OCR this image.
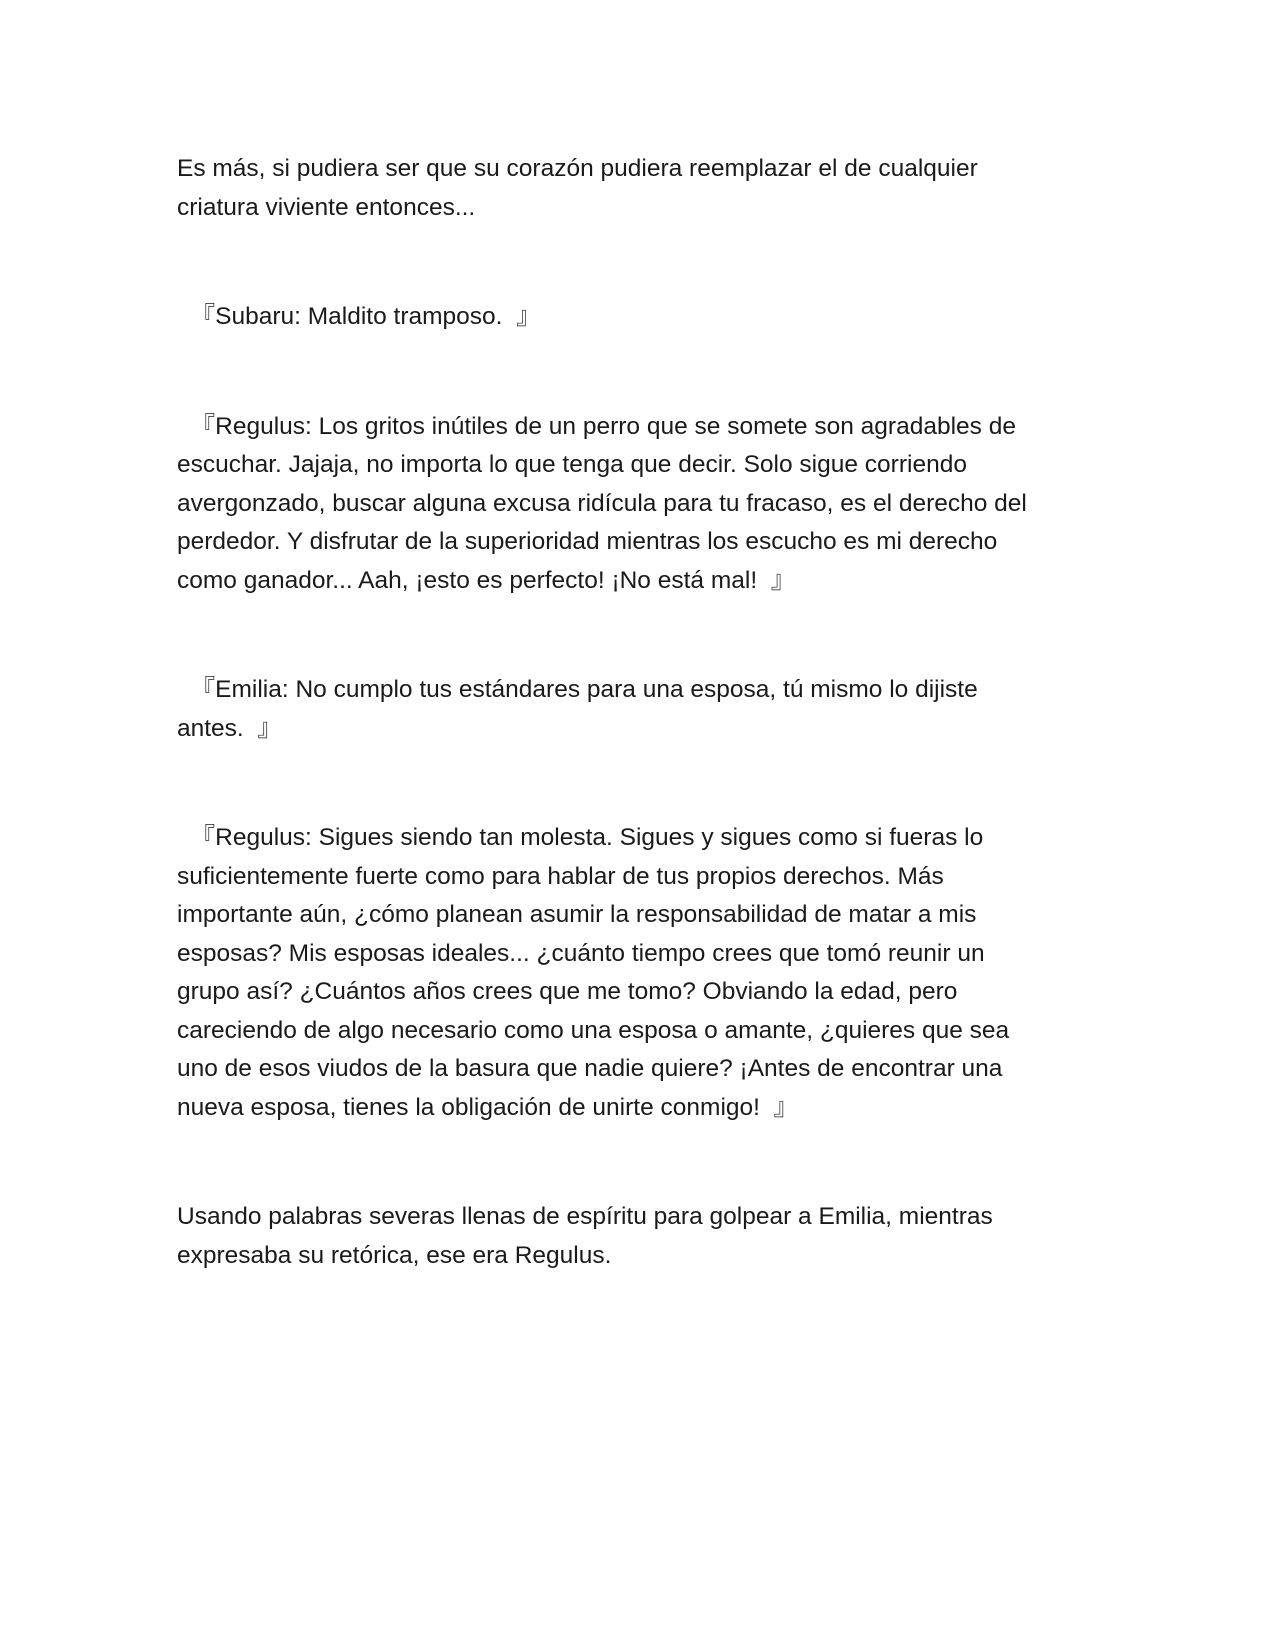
Es más, si pudiera ser que su corazón pudiera reemplazar el de cualquier
criatura viviente entonces...

『Subaru: Maldito tramposo.  』

『Regulus: Los gritos inútiles de un perro que se somete son agradables de
escuchar. Jajaja, no importa lo que tenga que decir. Solo sigue corriendo
avergonzado, buscar alguna excusa ridícula para tu fracaso, es el derecho del
perdedor. Y disfrutar de la superioridad mientras los escucho es mi derecho
como ganador... Aah, ¡esto es perfecto! ¡No está mal!  』

『Emilia: No cumplo tus estándares para una esposa, tú mismo lo dijiste
antes.  』

『Regulus: Sigues siendo tan molesta. Sigues y sigues como si fueras lo
suficientemente fuerte como para hablar de tus propios derechos. Más
importante aún, ¿cómo planean asumir la responsabilidad de matar a mis
esposas? Mis esposas ideales... ¿cuánto tiempo crees que tomó reunir un
grupo así? ¿Cuántos años crees que me tomo? Obviando la edad, pero
careciendo de algo necesario como una esposa o amante, ¿quieres que sea
uno de esos viudos de la basura que nadie quiere? ¡Antes de encontrar una
nueva esposa, tienes la obligación de unirte conmigo!  』

Usando palabras severas llenas de espíritu para golpear a Emilia, mientras
expresaba su retórica, ese era Regulus.
